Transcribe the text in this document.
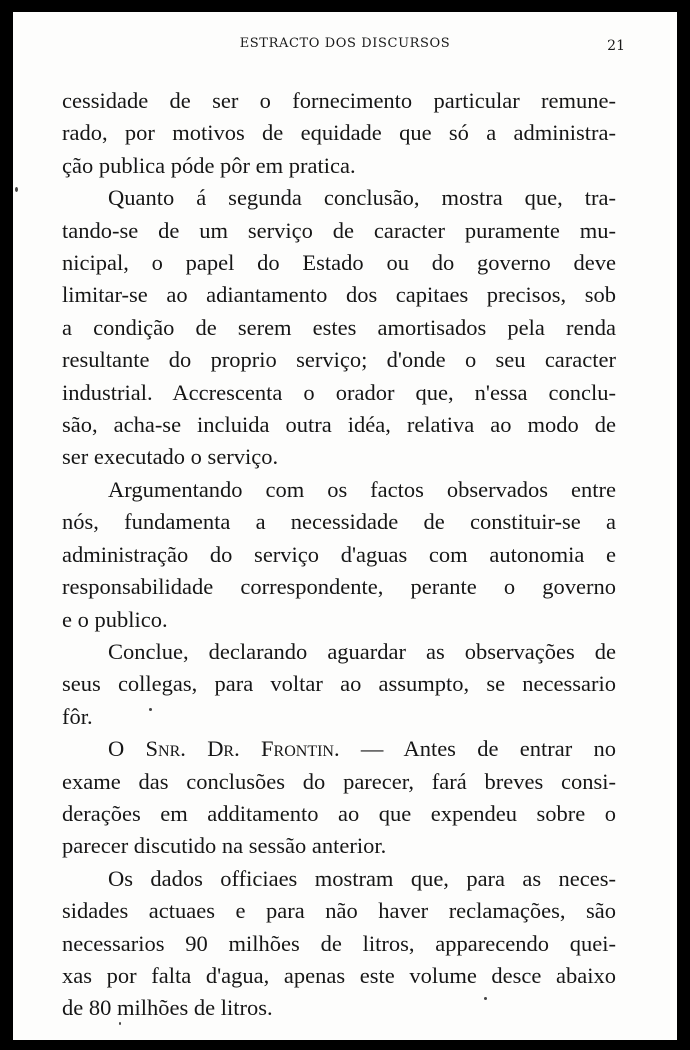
ESTRACTO DOS DISCURSOS	21
cessidade de ser o fornecimento particular remune-
rado, por motivos de equidade que só a administra-
ção publica póde pôr em pratica.
Quanto á segunda conclusão, mostra que, tra-
tando-se de um serviço de caracter puramente mu-
nicipal, o papel do Estado ou do governo deve
limitar-se ao adiantamento dos capitaes precisos, sob
a condição de serem estes amortisados pela renda
resultante do proprio serviço; d'onde o seu caracter
industrial. Accrescenta o orador que, n'essa conclu-
são, acha-se incluida outra idéa, relativa ao modo de
ser executado o serviço.
Argumentando com os factos observados entre
nós, fundamenta a necessidade de constituir-se a
administração do serviço d'aguas com autonomia e
responsabilidade correspondente, perante o governo
e o publico.
Conclue, declarando aguardar as observações de
seus collegas, para voltar ao assumpto, se necessario
fôr.
O Snr. Dr. Frontin. — Antes de entrar no
exame das conclusões do parecer, fará breves consi-
derações em additamento ao que expendeu sobre o
parecer discutido na sessão anterior.
Os dados officiaes mostram que, para as neces-
sidades actuaes e para não haver reclamações, são
necessarios 90 milhões de litros, apparecendo quei-
xas por falta d'agua, apenas este volume desce abaixo
de 80 milhões de litros.
